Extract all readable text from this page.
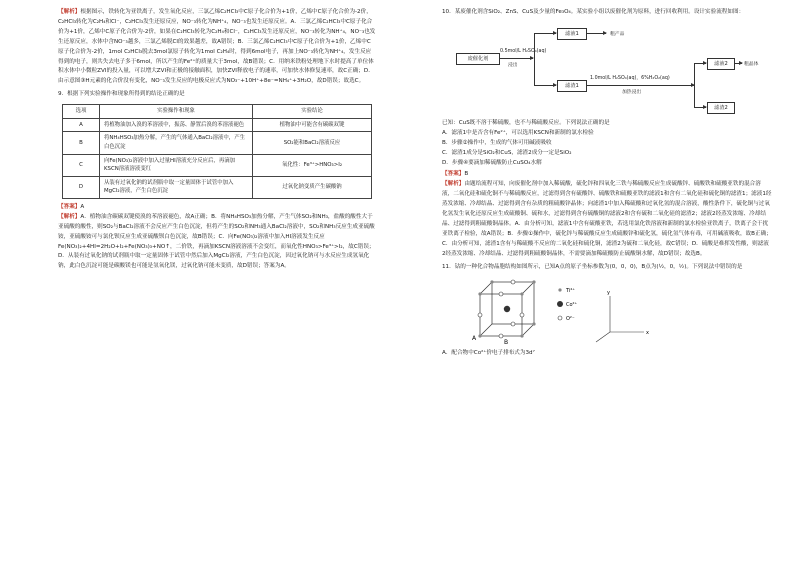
【解析】根据图示，铁转化为亚铁离子，发生氧化反应，三氯乙烯C₂HCl₃中C原子化合价为+1价，乙烯中C原子化合价为-2价，C₂HCl₃转化为C₂H₄和Cl⁻，C₂HCl₃发生还原反应，NO⁻₃转化为NH⁺₄，NO⁻₃也发生还原反应。A．三氯乙烯C₂HCl₃中C原子化合价为+1价，乙烯中C原子化合价为-2价，如果在C₂HCl₃转化为C₂H₄和Cl⁻，C₂HCl₃发生还原反应，NO⁻₃转化为NH⁺₄，NO⁻₃也发生还原反应，水体中含NO⁻₃越多，三氯乙烯脱Cl的效果越差，故A错误；B．三氯乙烯C₂HCl₃中C原子化合价为+1价，乙烯中C原子化合价为-2价，1mol C₂HCl₃脱去3mol氯原子转化为1mol C₂H₄时，得到6mol电子，再加上NO⁻₃转化为NH⁺₄，发生反应得到的电子，则共失去电子多于6mol，所以产生的Fe²⁺的质量大于3mol，故B错误；C．用纳米铁粉处理地下水时提高了单位体积水体中小微粒ZVI的投入量，可以增大ZVI和正极的接触面积，加快ZVI释放电子的速率，可加快水体修复速率，故C正确；D．由示意图③H元素的化合价没有变化，NO⁻₃发生反应的电极反应式为NO₃⁻+10H⁺+8e⁻=NH₄⁺+3H₂O，故D错误；故选C。

9．根据下列实验操作和现象所得到的结论正确的是

选项	实验操作和现象	实验结论
A	将植物油加入溴的苯溶液中，振荡、静置后溴的苯溶液褪色	植物油中可能含有碳碳双键
B	将NH₄HSO₃加热分解，产生的气体通入BaCl₂溶液中，产生白色沉淀	SO₂能和BaCl₂溶液反应
C	向Fe(NO₃)₂溶液中加入过量HI溶液充分反应后，再滴加KSCN溶液溶液变红	氧化性：Fe³⁺>HNO₃>I₂
D	从装有过氧化钠的试剂瓶中取一定量固体于试管中加入MgCl₂溶液，产生白色沉淀	过氧化钠变质产生碳酸钠

【答案】A

【解析】A．植物油含碳碳双键使溴的苯溶液褪色，故A正确；B．将NH₄HSO₃加热分解，产生气体SO₂和NH₃，盐酸的酸性大于亚硫酸的酸性，则SO₂与BaCl₂溶液不会反应产生白色沉淀，但将产生的SO₂和NH₃通入BaCl₂溶液中，SO₂和NH₃反应生成亚硫酸铵，亚硫酸铵可与氯化钡反应生成亚硫酸钡白色沉淀，故B错误；C．向Fe(NO₃)₂溶液中加入HI溶液发生反应Fe(NO₃)₂+4HI=2H₂O+I₂+Fe(NO₃)₃+NO↑，二价铁，再滴加KSCN溶液溶液不会变红，而氧化性HNO₃>Fe³⁺>I₂，故C错误；D．从装有过氧化钠的试剂瓶中取一定量固体于试管中然后加入MgCl₂溶液，产生白色沉淀，因过氧化钠可与水反应生成氢氧化钠，此白色沉淀可能是碳酸镁也可能是氢氧化镁，过氧化钠可能未变质，故D错误；答案为A。

10．某废催化剂含SiO₂、ZnS、CuS及少量的Fe₃O₄。某实验小组以废催化剂为原料，进行回收利用。设计实验流程如图：

废催化剂
0.5mol/L H₂SO₄(aq)
浸出
滤液1	粗产品
滤渣1
1.0mol/L H₂SO₄(aq)，6%H₂O₂(aq)
加热浸出
滤液2	粗晶体
滤渣2

已知：CuS既不溶于稀硫酸，也不与稀硫酸反应。下列说法正确的是

A．滤液1中是否含有Fe²⁺，可以选用KSCN和新制的氯水检验

B．步骤②操作中，生成的气体可用碱液吸收

C．滤渣1成分是SiO₂和CuS，滤渣2成分一定是SiO₂

D．步骤④要滴加稀硫酸防止CuSO₄水解

【答案】B

【解析】由题给流程可知，向废催化剂中加入稀硫酸，硫化锌和四氧化三铁与稀硫酸反应生成硫酸锌、硫酸铁和硫酸亚铁的混合溶液，二氧化硅和硫化铜不与稀硫酸反应，过滤得到含有硫酸锌、硫酸铁和硫酸亚铁的滤液1和含有二氧化硅和硫化铜的滤渣1；滤液1经蒸发浓缩、冷却结晶、过滤得到含有杂质的粗硫酸锌晶体；向滤渣1中加入稀硫酸和过氧化氢的混合溶液，酸性条件下，硫化铜与过氧化氢发生氧化还原反应生成硫酸铜、硫和水，过滤得到含有硫酸铜的滤液2和含有硫和二氧化硅的滤渣2；滤液2经蒸发浓缩、冷却结晶、过滤得到粗硫酸铜晶体。A．由分析可知，滤液1中含有硫酸亚铁，若选用氯化铁溶液和新制的氯水检验亚铁离子，铁离子会干扰亚铁离子检验，故A错误；B．步骤①操作中，硫化锌与稀硫酸反应生成硫酸锌和硫化氢，硫化氢气体有毒，可用碱液吸收，故B正确；C．由分析可知，滤渣1含有与稀硫酸不反应的二氧化硅和硫化铜，滤渣2为硫和二氧化硅，故C错误；D．硫酸是难挥发性酸，则滤液2经蒸发浓缩、冷却结晶、过滤得到粗硫酸铜晶体，不需要滴加稀硫酸防止硫酸铜水解，故D错误；故选B。

11．钴的一种化合物晶胞结构如图所示，已知A点的原子坐标参数为(0，0，0)，B点为(½，0，½)。下列说法中错误的是

A
B
Ti⁴⁺
Co²⁺
O²⁻
x
y

A．配合物中Co²⁺价电子排布式为3d⁷
